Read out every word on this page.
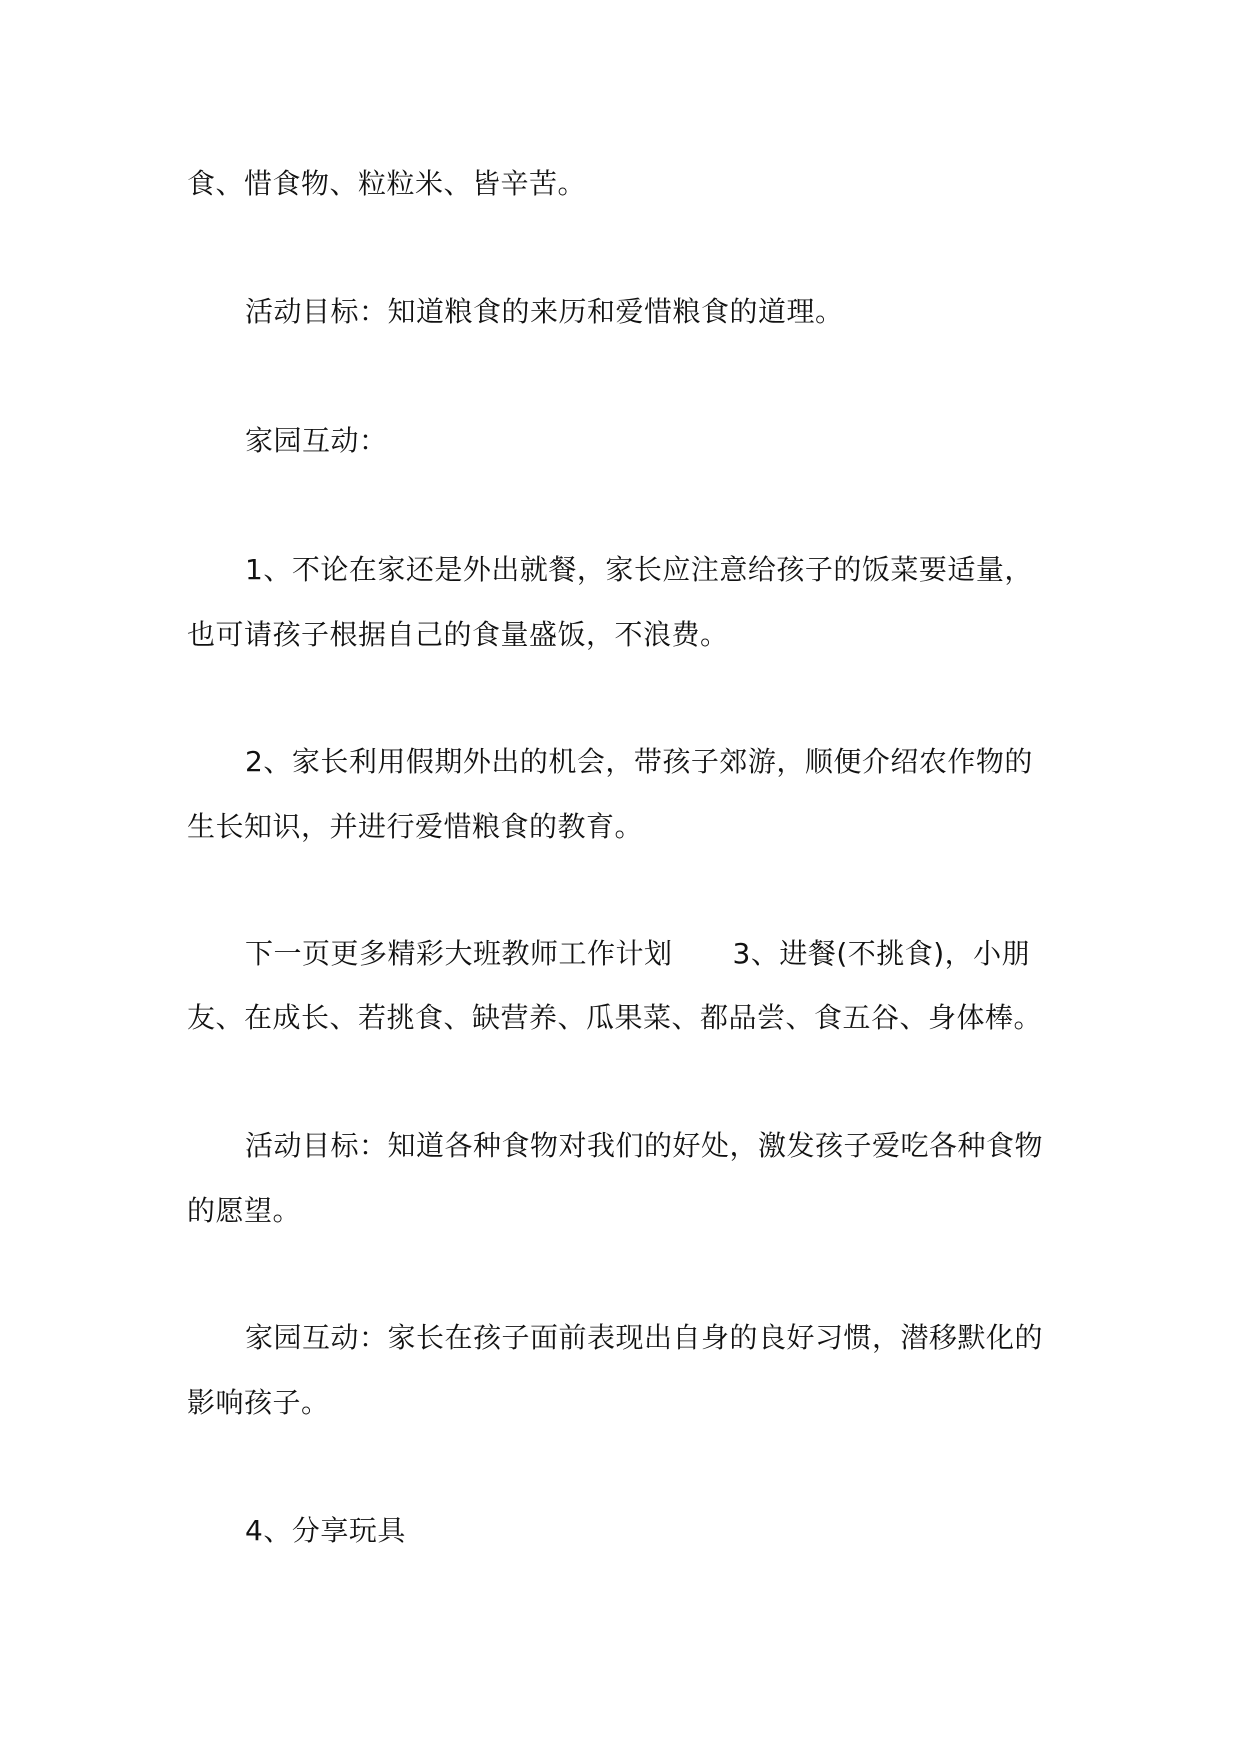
食、惜食物、粒粒米、皆辛苦。
活动目标：知道粮食的来历和爱惜粮食的道理。
家园互动：
1、不论在家还是外出就餐，家长应注意给孩子的饭菜要适量，
也可请孩子根据自己的食量盛饭，不浪费。
2、家长利用假期外出的机会，带孩子郊游，顺便介绍农作物的
生长知识，并进行爱惜粮食的教育。
下一页更多精彩大班教师工作计划 3、进餐(不挑食)，小朋
友、在成长、若挑食、缺营养、瓜果菜、都品尝、食五谷、身体棒。
活动目标：知道各种食物对我们的好处，激发孩子爱吃各种食物
的愿望。
家园互动：家长在孩子面前表现出自身的良好习惯，潜移默化的
影响孩子。
4、分享玩具
